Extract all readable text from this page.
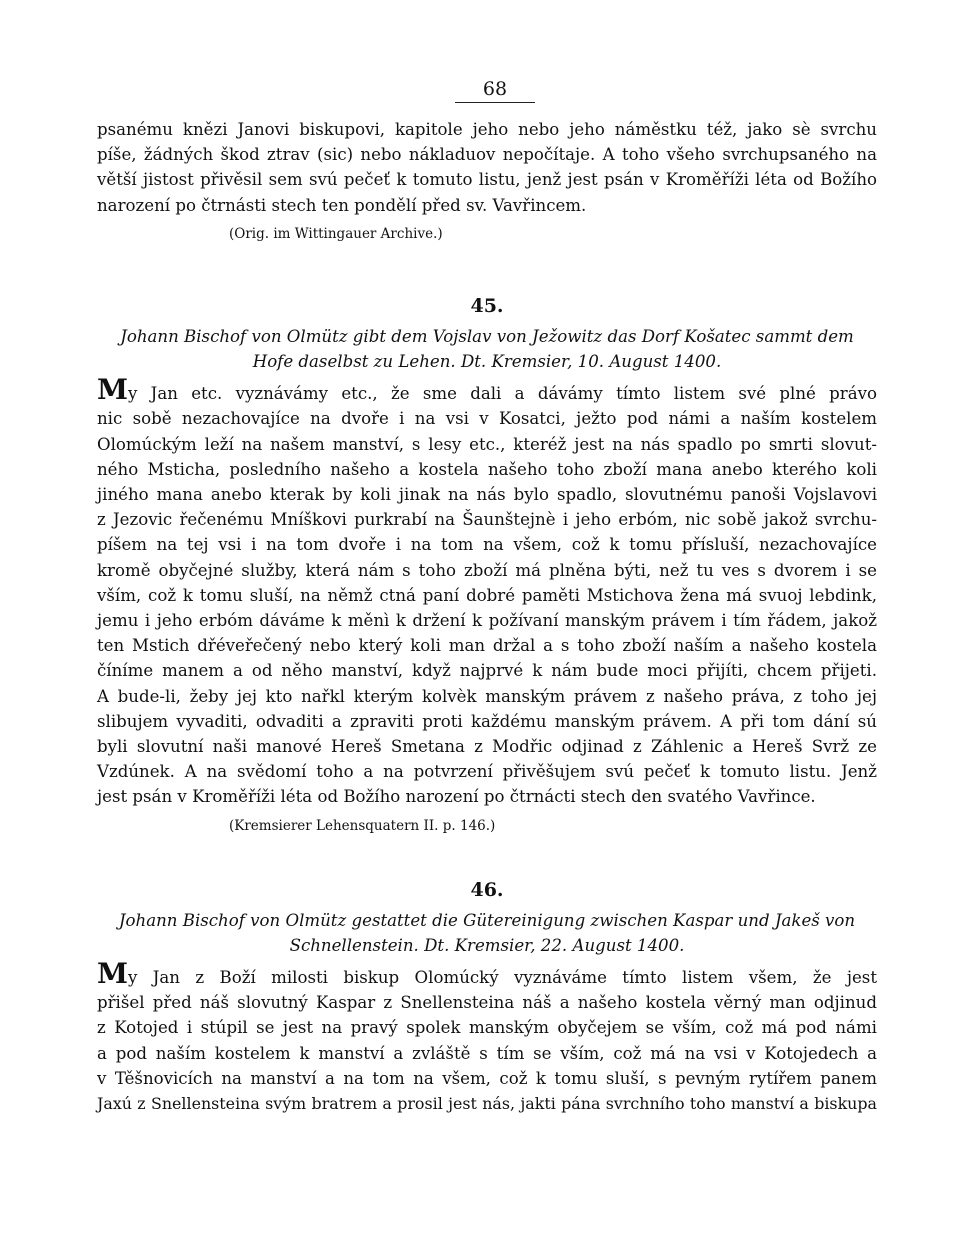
68
psanému knězi Janovi biskupovi, kapitole jeho nebo jeho náměstku též, jako sè svrchu
píše, žádných škod ztrav (sic) nebo nákladuov nepočítaje. A toho všeho svrchupsaného na
větší jistost přivěsil sem svú pečeť k tomuto listu, jenž jest psán v Kroměříži léta od Božího
narození po čtrnásti stech ten pondělí před sv. Vavřincem.
(Orig. im Wittingauer Archive.)
45.
Johann Bischof von Olmütz gibt dem Vojslav von Ježowitz das Dorf Košatec sammt dem
Hofe daselbst zu Lehen. Dt. Kremsier, 10. August 1400.
My Jan etc. vyznávámy etc., že sme dali a dávámy tímto listem své plné právo
nic sobě nezachovajíce na dvoře i na vsi v Kosatci, ježto pod námi a naším kostelem
Olomúckým leží na našem manství, s lesy etc., kteréž jest na nás spadlo po smrti slovut-
ného Msticha, posledního našeho a kostela našeho toho zboží mana anebo kterého koli
jiného mana anebo kterak by koli jinak na nás bylo spadlo, slovutnému panoši Vojslavovi
z Jezovic řečenému Mníškovi purkrabí na Šaunštejnè i jeho erbóm, nic sobě jakož svrchu-
píšem na tej vsi i na tom dvoře i na tom na všem, což k tomu přísluší, nezachovajíce
kromě obyčejné služby, která nám s toho zboží má plněna býti, než tu ves s dvorem i se
vším, což k tomu sluší, na němž ctná paní dobré paměti Mstichova žena má svuoj lebdink,
jemu i jeho erbóm dáváme k měnì k držení k požívaní manským právem i tím řádem, jakož
ten Mstich dřéveřečený nebo který koli man držal a s toho zboží naším a našeho kostela
číníme manem a od něho manství, když najprvé k nám bude moci přijíti, chcem přijeti.
A bude-li, žeby jej kto nařkl kterým kolvèk manským právem z našeho práva, z toho jej
slibujem vyvaditi, odvaditi a zpraviti proti každému manským právem. A při tom dání sú
byli slovutní naši manové Hereš Smetana z Modřic odjinad z Záhlenic a Hereš Svrž ze
Vzdúnek. A na svědomí toho a na potvrzení přivěšujem svú pečeť k tomuto listu. Jenž
jest psán v Kroměříži léta od Božího narození po čtrnácti stech den svatého Vavřince.
(Kremsierer Lehensquatern II. p. 146.)
46.
Johann Bischof von Olmütz gestattet die Gütereinigung zwischen Kaspar und Jakeš von
Schnellenstein. Dt. Kremsier, 22. August 1400.
My Jan z Boží milosti biskup Olomúcký vyznáváme tímto listem všem, že jest
přišel před náš slovutný Kaspar z Snellensteina náš a našeho kostela věrný man odjinud
z Kotojed i stúpil se jest na pravý spolek manským obyčejem se vším, což má pod námi
a pod naším kostelem k manství a zvláště s tím se vším, což má na vsi v Kotojedech a
v Těšnovicích na manství a na tom na všem, což k tomu sluší, s pevným rytířem panem
Jaxú z Snellensteina svým bratrem a prosil jest nás, jakti pána svrchního toho manství a biskupa
